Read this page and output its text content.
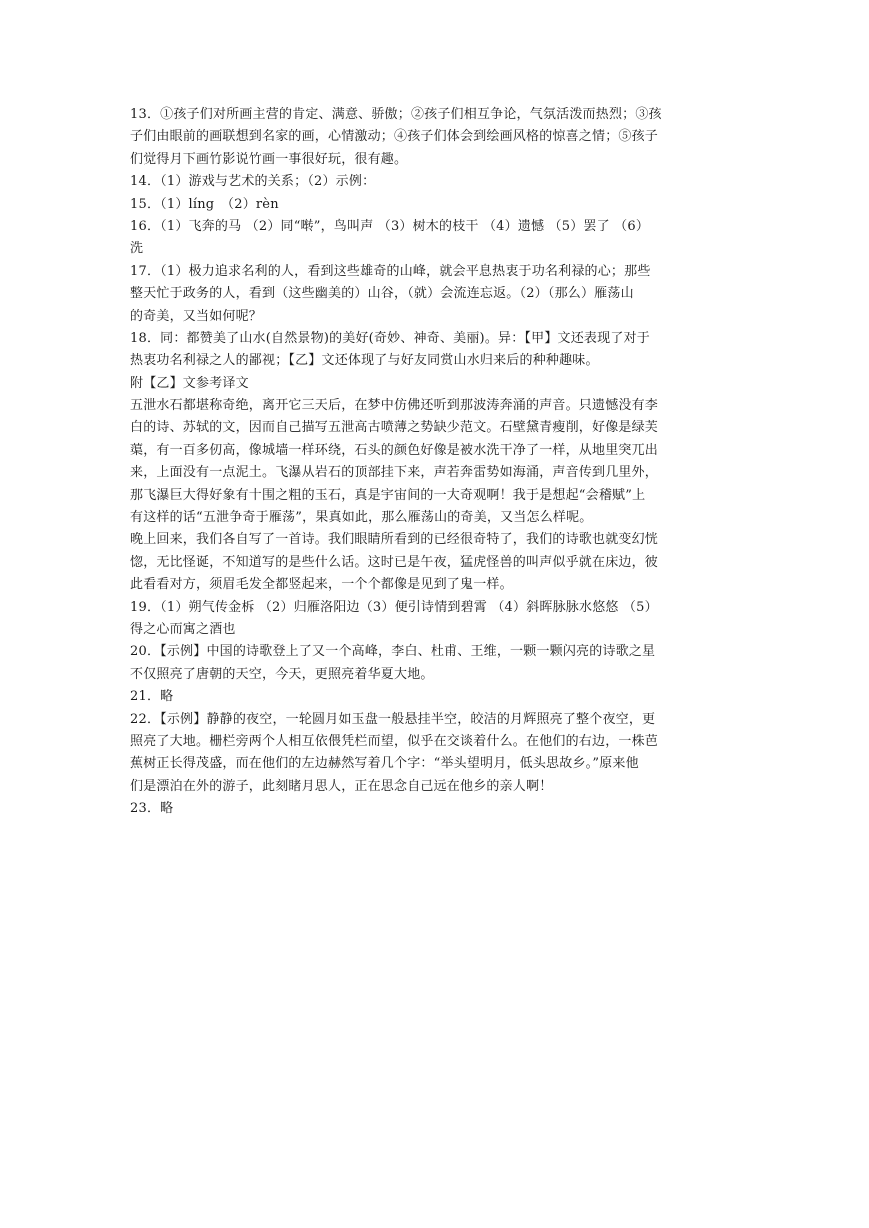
13．①孩子们对所画主营的肯定、满意、骄傲；②孩子们相互争论，气氛活泼而热烈；③孩
子们由眼前的画联想到名家的画，心情激动；④孩子们体会到绘画风格的惊喜之情；⑤孩子
们觉得月下画竹影说竹画一事很好玩，很有趣。
14．（1）游戏与艺术的关系；（2）示例：
15．（1）líng　（2）rèn
16．（1）飞奔的马 （2）同“啭”，鸟叫声 （3）树木的枝干 （4）遗憾 （5）罢了 （6）
洗
17．（1）极力追求名利的人，看到这些雄奇的山峰，就会平息热衷于功名利禄的心；那些
整天忙于政务的人，看到（这些幽美的）山谷，（就）会流连忘返。（2）（那么）雁荡山
的奇美，又当如何呢？
18．同：都赞美了山水(自然景物)的美好(奇妙、神奇、美丽)。异：【甲】文还表现了对于
热衷功名利禄之人的鄙视；【乙】文还体现了与好友同赏山水归来后的种种趣味。
附【乙】文参考译文
五泄水石都堪称奇绝，离开它三天后，在梦中仿佛还听到那波涛奔涌的声音。只遗憾没有李
白的诗、苏轼的文，因而自己描写五泄高古喷薄之势缺少范文。石壁黛青瘦削，好像是绿芙
蕖，有一百多仞高，像城墙一样环绕，石头的颜色好像是被水洗干净了一样，从地里突兀出
来，上面没有一点泥土。飞瀑从岩石的顶部挂下来，声若奔雷势如海涌，声音传到几里外，
那飞瀑巨大得好象有十围之粗的玉石，真是宇宙间的一大奇观啊！我于是想起“会稽赋”上
有这样的话“五泄争奇于雁荡”，果真如此，那么雁荡山的奇美，又当怎么样呢。
晚上回来，我们各自写了一首诗。我们眼睛所看到的已经很奇特了，我们的诗歌也就变幻恍
惚，无比怪诞，不知道写的是些什么话。这时已是午夜，猛虎怪兽的叫声似乎就在床边，彼
此看看对方，须眉毛发全都竖起来，一个个都像是见到了鬼一样。
19．（1）朔气传金柝 （2）归雁洛阳边（3）便引诗情到碧霄 （4）斜晖脉脉水悠悠 （5）
得之心而寓之酒也
20．【示例】中国的诗歌登上了又一个高峰，李白、杜甫、王维，一颗一颗闪亮的诗歌之星
不仅照亮了唐朝的天空，今天，更照亮着华夏大地。
21．略
22．【示例】静静的夜空，一轮圆月如玉盘一般悬挂半空，皎洁的月辉照亮了整个夜空，更
照亮了大地。栅栏旁两个人相互依偎凭栏而望，似乎在交谈着什么。在他们的右边，一株芭
蕉树正长得茂盛，而在他们的左边赫然写着几个字：“举头望明月，低头思故乡。”原来他
们是漂泊在外的游子，此刻睹月思人，正在思念自己远在他乡的亲人啊！
23．略
